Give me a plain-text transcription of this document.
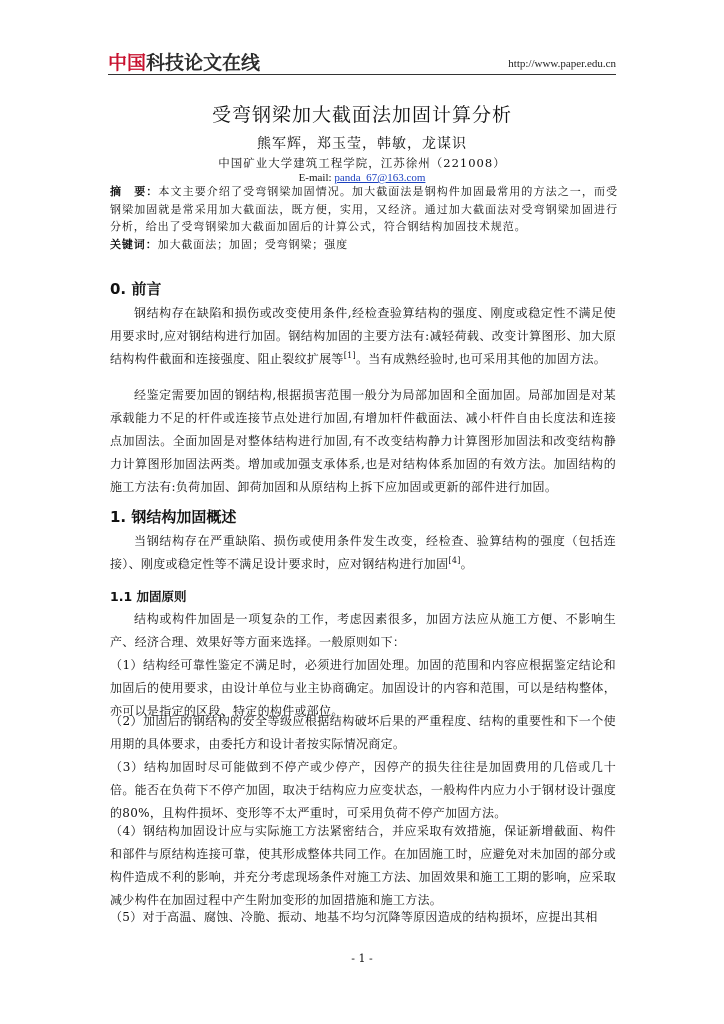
中国科技论文在线	http://www.paper.edu.cn
受弯钢梁加大截面法加固计算分析
熊军辉，郑玉莹，韩敏，龙谋识
中国矿业大学建筑工程学院，江苏徐州（221008）
E-mail: panda_67@163.com
摘　要：本文主要介绍了受弯钢梁加固情况。加大截面法是钢构件加固最常用的方法之一，而受钢梁加固就是常采用加大截面法，既方便，实用，又经济。通过加大截面法对受弯钢梁加固进行分析，给出了受弯钢梁加大截面加固后的计算公式，符合钢结构加固技术规范。
关键词：加大截面法；加固；受弯钢梁；强度
0. 前言
钢结构存在缺陷和损伤或改变使用条件,经检查验算结构的强度、刚度或稳定性不满足使用要求时,应对钢结构进行加固。钢结构加固的主要方法有:减轻荷载、改变计算图形、加大原结构构件截面和连接强度、阻止裂纹扩展等[1]。当有成熟经验时,也可采用其他的加固方法。
经鉴定需要加固的钢结构,根据损害范围一般分为局部加固和全面加固。局部加固是对某承载能力不足的杆件或连接节点处进行加固,有增加杆件截面法、减小杆件自由长度法和连接点加固法。全面加固是对整体结构进行加固,有不改变结构静力计算图形加固法和改变结构静力计算图形加固法两类。增加或加强支承体系,也是对结构体系加固的有效方法。加固结构的施工方法有:负荷加固、卸荷加固和从原结构上拆下应加固或更新的部件进行加固。
1. 钢结构加固概述
当钢结构存在严重缺陷、损伤或使用条件发生改变，经检查、验算结构的强度（包括连接）、刚度或稳定性等不满足设计要求时，应对钢结构进行加固[4]。
1.1 加固原则
结构或构件加固是一项复杂的工作，考虑因素很多，加固方法应从施工方便、不影响生产、经济合理、效果好等方面来选择。一般原则如下：
（1）结构经可靠性鉴定不满足时，必须进行加固处理。加固的范围和内容应根据鉴定结论和加固后的使用要求，由设计单位与业主协商确定。加固设计的内容和范围，可以是结构整体，亦可以是指定的区段、特定的构件或部位。
（2）加固后的钢结构的安全等级应根据结构破坏后果的严重程度、结构的重要性和下一个使用期的具体要求，由委托方和设计者按实际情况商定。
（3）结构加固时尽可能做到不停产或少停产，因停产的损失往往是加固费用的几倍或几十倍。能否在负荷下不停产加固，取决于结构应力应变状态，一般构件内应力小于钢材设计强度的80%，且构件损坏、变形等不太严重时，可采用负荷不停产加固方法。
（4）钢结构加固设计应与实际施工方法紧密结合，并应采取有效措施，保证新增截面、构件和部件与原结构连接可靠，使其形成整体共同工作。在加固施工时，应避免对未加固的部分或构件造成不利的影响，并充分考虑现场条件对施工方法、加固效果和施工工期的影响，应采取减少构件在加固过程中产生附加变形的加固措施和施工方法。
（5）对于高温、腐蚀、冷脆、振动、地基不均匀沉降等原因造成的结构损坏，应提出其相
- 1 -
